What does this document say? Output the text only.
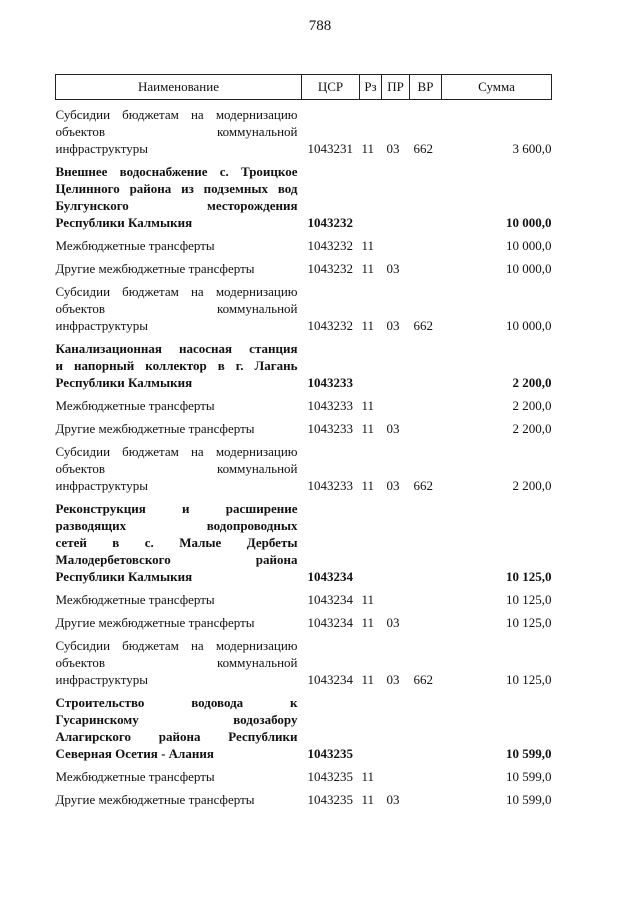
788
Наименование	ЦСР	Рз	ПР	ВР	Сумма

Субсидии бюджетам на модернизацию
объектов коммунальной
инфраструктуры	1043231	11	03	662	3 600,0

Внешнее водоснабжение с. Троицкое
Целинного района из подземных вод
Булгунского месторождения
Республики Калмыкия	1043232				10 000,0

Межбюджетные трансферты	1043232	11			10 000,0

Другие межбюджетные трансферты	1043232	11	03		10 000,0

Субсидии бюджетам на модернизацию
объектов коммунальной
инфраструктуры	1043232	11	03	662	10 000,0

Канализационная насосная станция
и напорный коллектор в г. Лагань
Республики Калмыкия	1043233				2 200,0

Межбюджетные трансферты	1043233	11			2 200,0

Другие межбюджетные трансферты	1043233	11	03		2 200,0

Субсидии бюджетам на модернизацию
объектов коммунальной
инфраструктуры	1043233	11	03	662	2 200,0

Реконструкция и расширение
разводящих водопроводных
сетей в с. Малые Дербеты
Малодербетовского района
Республики Калмыкия	1043234				10 125,0

Межбюджетные трансферты	1043234	11			10 125,0

Другие межбюджетные трансферты	1043234	11	03		10 125,0

Субсидии бюджетам на модернизацию
объектов коммунальной
инфраструктуры	1043234	11	03	662	10 125,0

Строительство водовода к
Гусаринскому водозабору
Алагирского района Республики
Северная Осетия - Алания	1043235				10 599,0

Межбюджетные трансферты	1043235	11			10 599,0

Другие межбюджетные трансферты	1043235	11	03		10 599,0
